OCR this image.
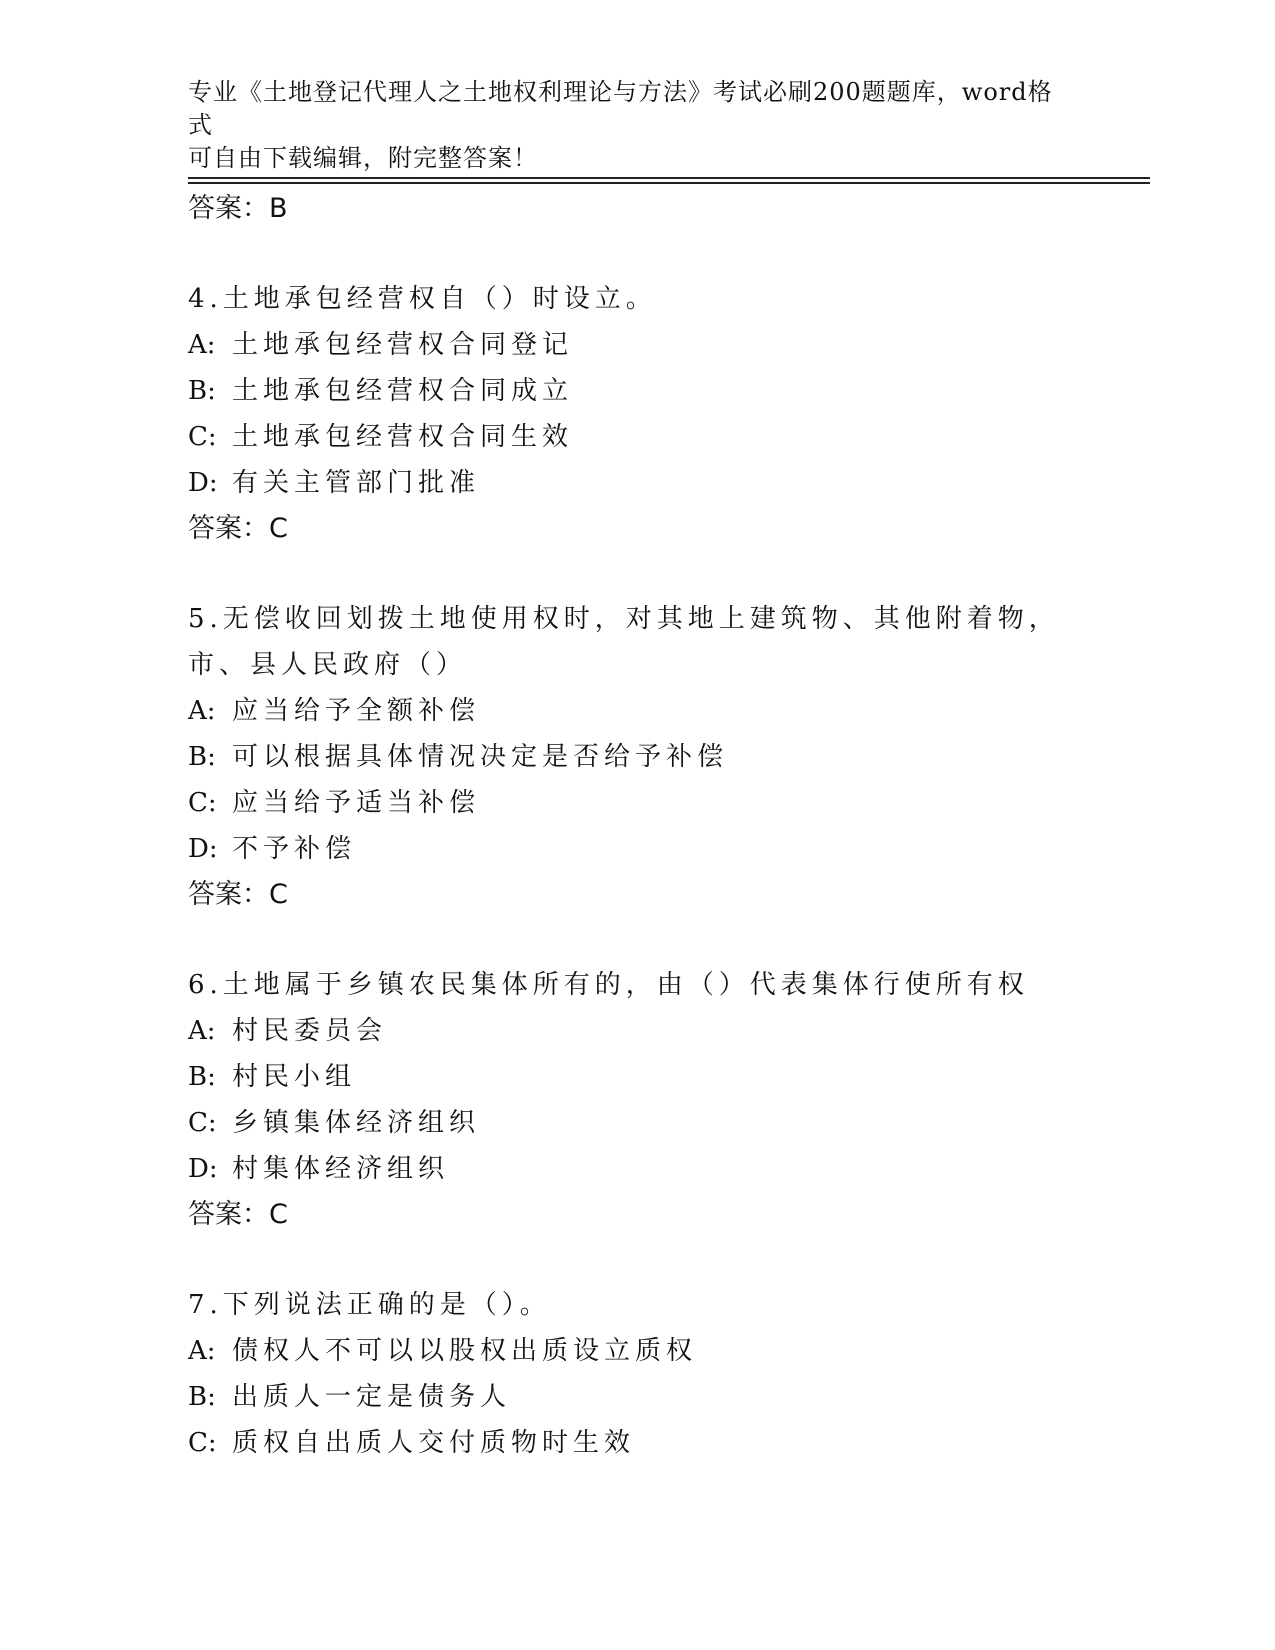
专业《土地登记代理人之土地权利理论与方法》考试必刷200题题库，word格式
可自由下载编辑，附完整答案！
答案：B
4.土地承包经营权自（）时设立。
A: 土地承包经营权合同登记
B: 土地承包经营权合同成立
C: 土地承包经营权合同生效
D: 有关主管部门批准
答案：C
5.无偿收回划拨土地使用权时，对其地上建筑物、其他附着物，市、县人民政府（）
A: 应当给予全额补偿
B: 可以根据具体情况决定是否给予补偿
C: 应当给予适当补偿
D: 不予补偿
答案：C
6.土地属于乡镇农民集体所有的，由（）代表集体行使所有权
A: 村民委员会
B: 村民小组
C: 乡镇集体经济组织
D: 村集体经济组织
答案：C
7.下列说法正确的是（）。
A: 债权人不可以以股权出质设立质权
B: 出质人一定是债务人
C: 质权自出质人交付质物时生效
